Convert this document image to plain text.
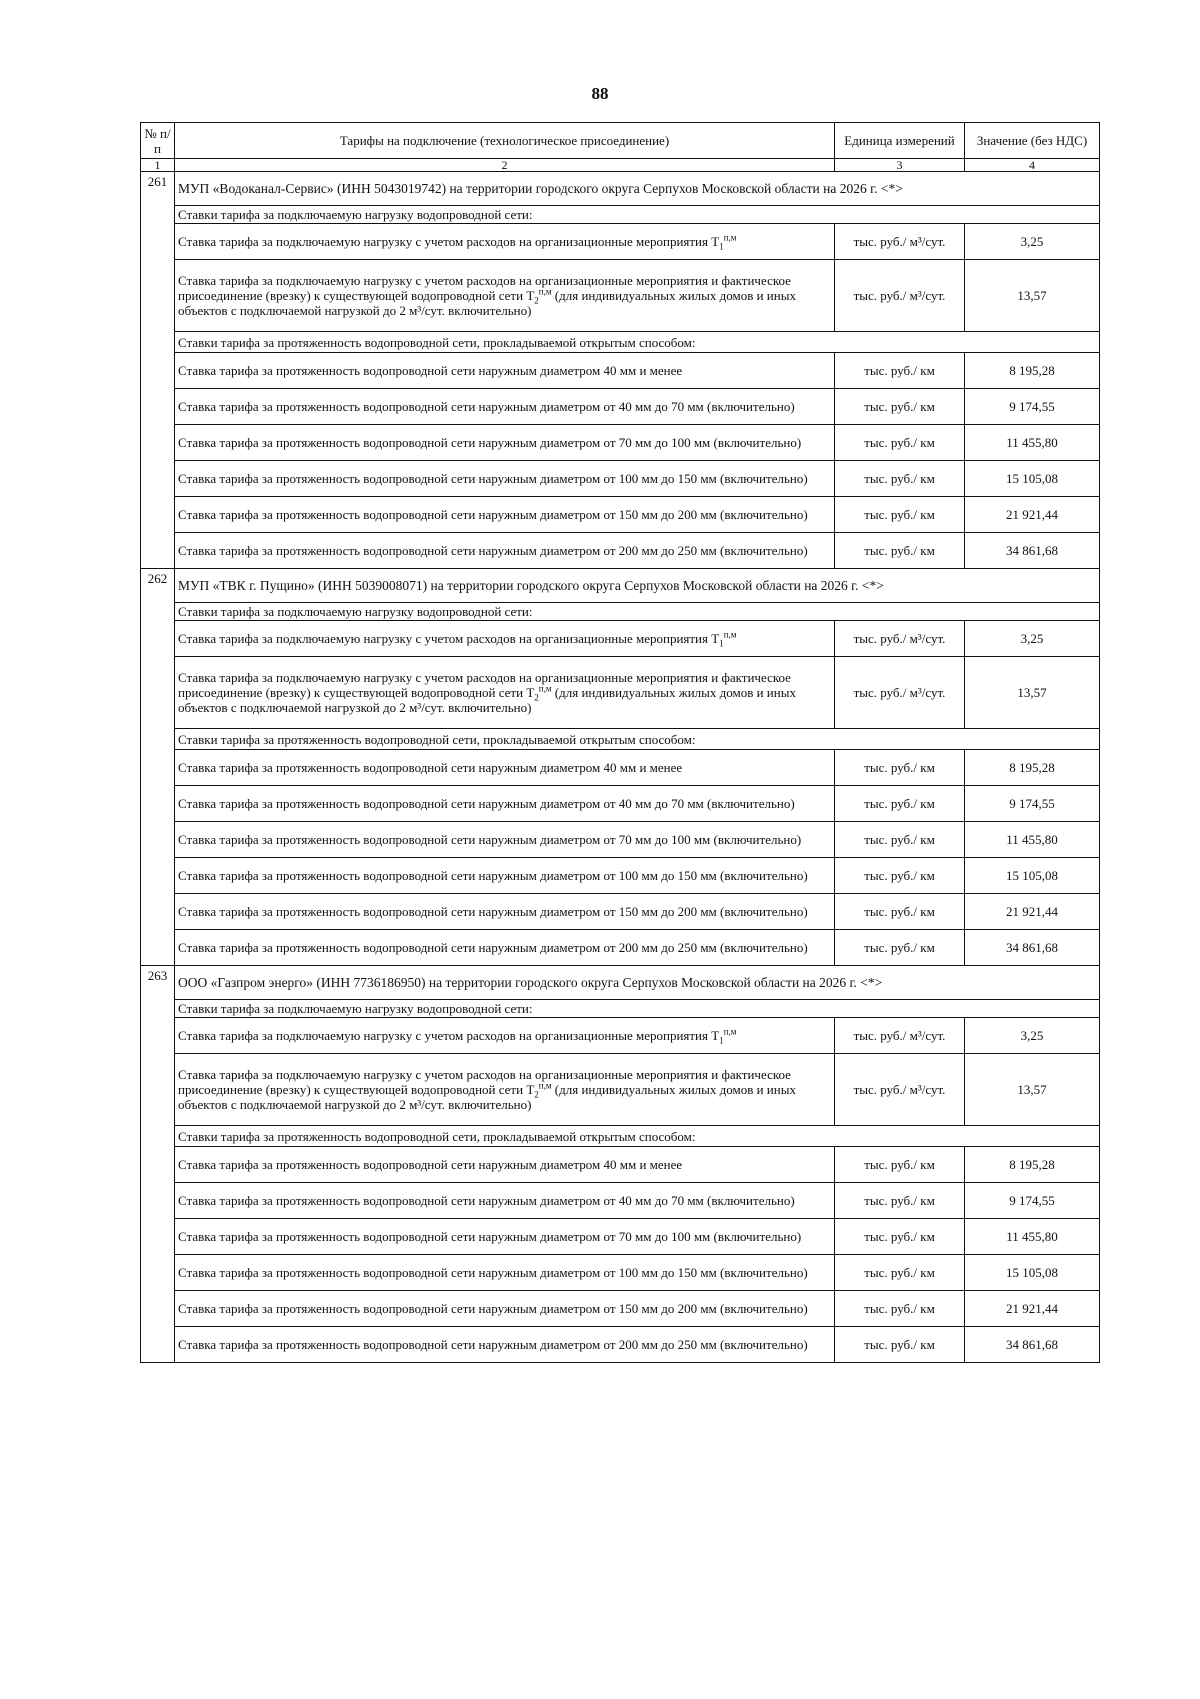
88
№ п/п	Тарифы на подключение (технологическое присоединение)	Единица измерений	Значение (без НДС)
1	2	3	4
261	МУП «Водоканал-Сервис» (ИНН 5043019742) на территории городского округа Серпухов Московской области на 2026 г. <*>		
	Ставки тарифа за подключаемую нагрузку водопроводной сети:		
	Ставка тарифа за подключаемую нагрузку с учетом расходов на организационные мероприятия $T_1^{п,м}$	тыс. руб./ м³/сут.	3,25
	Ставка тарифа за подключаемую нагрузку с учетом расходов на организационные мероприятия и фактическое присоединение (врезку) к существующей водопроводной сети $T_2^{п,м}$ (для индивидуальных жилых домов и иных объектов с подключаемой нагрузкой до 2 м³/сут. включительно)	тыс. руб./ м³/сут.	13,57
	Ставки тарифа за протяженность водопроводной сети, прокладываемой открытым способом:		
	Ставка тарифа за протяженность водопроводной сети наружным диаметром 40 мм и менее	тыс. руб./ км	8 195,28
	Ставка тарифа за протяженность водопроводной сети наружным диаметром от 40 мм до 70 мм (включительно)	тыс. руб./ км	9 174,55
	Ставка тарифа за протяженность водопроводной сети наружным диаметром от 70 мм до 100 мм (включительно)	тыс. руб./ км	11 455,80
	Ставка тарифа за протяженность водопроводной сети наружным диаметром от 100 мм до 150 мм (включительно)	тыс. руб./ км	15 105,08
	Ставка тарифа за протяженность водопроводной сети наружным диаметром от 150 мм до 200 мм (включительно)	тыс. руб./ км	21 921,44
	Ставка тарифа за протяженность водопроводной сети наружным диаметром от 200 мм до 250 мм (включительно)	тыс. руб./ км	34 861,68
262	МУП «ТВК г. Пущино» (ИНН 5039008071) на территории городского округа Серпухов Московской области на 2026 г. <*>		
	Ставки тарифа за подключаемую нагрузку водопроводной сети:		
	Ставка тарифа за подключаемую нагрузку с учетом расходов на организационные мероприятия $T_1^{п,м}$	тыс. руб./ м³/сут.	3,25
	Ставка тарифа за подключаемую нагрузку с учетом расходов на организационные мероприятия и фактическое присоединение (врезку) к существующей водопроводной сети $T_2^{п,м}$ (для индивидуальных жилых домов и иных объектов с подключаемой нагрузкой до 2 м³/сут. включительно)	тыс. руб./ м³/сут.	13,57
	Ставки тарифа за протяженность водопроводной сети, прокладываемой открытым способом:		
	Ставка тарифа за протяженность водопроводной сети наружным диаметром 40 мм и менее	тыс. руб./ км	8 195,28
	Ставка тарифа за протяженность водопроводной сети наружным диаметром от 40 мм до 70 мм (включительно)	тыс. руб./ км	9 174,55
	Ставка тарифа за протяженность водопроводной сети наружным диаметром от 70 мм до 100 мм (включительно)	тыс. руб./ км	11 455,80
	Ставка тарифа за протяженность водопроводной сети наружным диаметром от 100 мм до 150 мм (включительно)	тыс. руб./ км	15 105,08
	Ставка тарифа за протяженность водопроводной сети наружным диаметром от 150 мм до 200 мм (включительно)	тыс. руб./ км	21 921,44
	Ставка тарифа за протяженность водопроводной сети наружным диаметром от 200 мм до 250 мм (включительно)	тыс. руб./ км	34 861,68
263	ООО «Газпром энерго» (ИНН 7736186950) на территории городского округа Серпухов Московской области на 2026 г. <*>		
	Ставки тарифа за подключаемую нагрузку водопроводной сети:		
	Ставка тарифа за подключаемую нагрузку с учетом расходов на организационные мероприятия $T_1^{п,м}$	тыс. руб./ м³/сут.	3,25
	Ставка тарифа за подключаемую нагрузку с учетом расходов на организационные мероприятия и фактическое присоединение (врезку) к существующей водопроводной сети $T_2^{п,м}$ (для индивидуальных жилых домов и иных объектов с подключаемой нагрузкой до 2 м³/сут. включительно)	тыс. руб./ м³/сут.	13,57
	Ставки тарифа за протяженность водопроводной сети, прокладываемой открытым способом:		
	Ставка тарифа за протяженность водопроводной сети наружным диаметром 40 мм и менее	тыс. руб./ км	8 195,28
	Ставка тарифа за протяженность водопроводной сети наружным диаметром от 40 мм до 70 мм (включительно)	тыс. руб./ км	9 174,55
	Ставка тарифа за протяженность водопроводной сети наружным диаметром от 70 мм до 100 мм (включительно)	тыс. руб./ км	11 455,80
	Ставка тарифа за протяженность водопроводной сети наружным диаметром от 100 мм до 150 мм (включительно)	тыс. руб./ км	15 105,08
	Ставка тарифа за протяженность водопроводной сети наружным диаметром от 150 мм до 200 мм (включительно)	тыс. руб./ км	21 921,44
	Ставка тарифа за протяженность водопроводной сети наружным диаметром от 200 мм до 250 мм (включительно)	тыс. руб./ км	34 861,68
